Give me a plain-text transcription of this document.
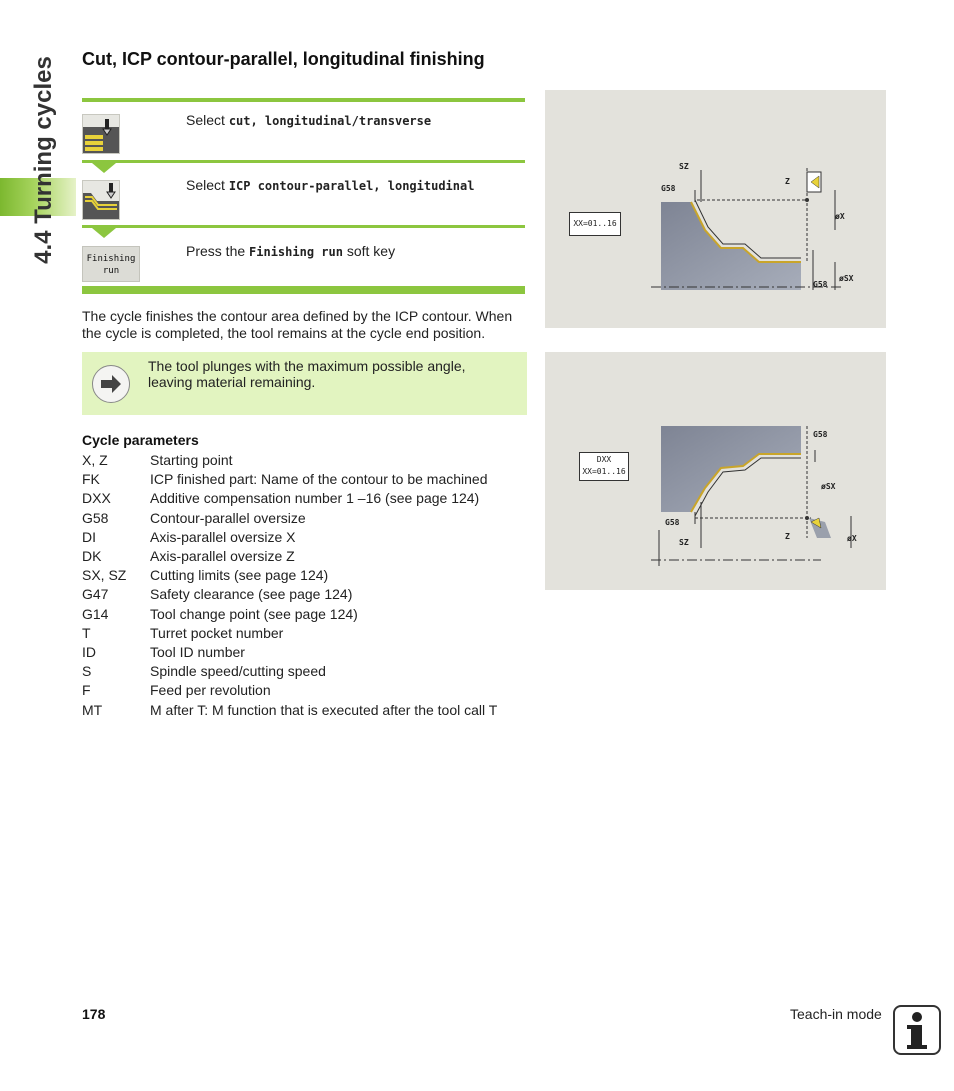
4.4 Turning cycles	Cut, ICP contour-parallel, longitudinal finishing
Select cut, longitudinal/transverse
Select ICP contour-parallel, longitudinal
Finishing
run
Press the Finishing run soft key
The cycle finishes the contour area defined by the ICP contour. When the cycle is completed, the tool remains at the cycle end position.
The tool plunges with the maximum possible angle, leaving material remaining.
Cycle parameters
X, Z	Starting point
FK	ICP finished part: Name of the contour to be machined
DXX	Additive compensation number 1 –16 (see page 124)
G58	Contour-parallel oversize
DI	Axis-parallel oversize X
DK	Axis-parallel oversize Z
SX, SZ Cutting limits (see page 124)
G47	Safety clearance (see page 124)
G14	Tool change point (see page 124)
T	Turret pocket number
ID	Tool ID number
S	Spindle speed/cutting speed
F	Feed per revolution
MT	M after T: M function that is executed after the tool call T
XX=01..16
SZ
G58
Z
øX
øSX
G58
DXX
XX=01..16
G58
øSX
G58
Z
SZ	øX
178	Teach-in mode
